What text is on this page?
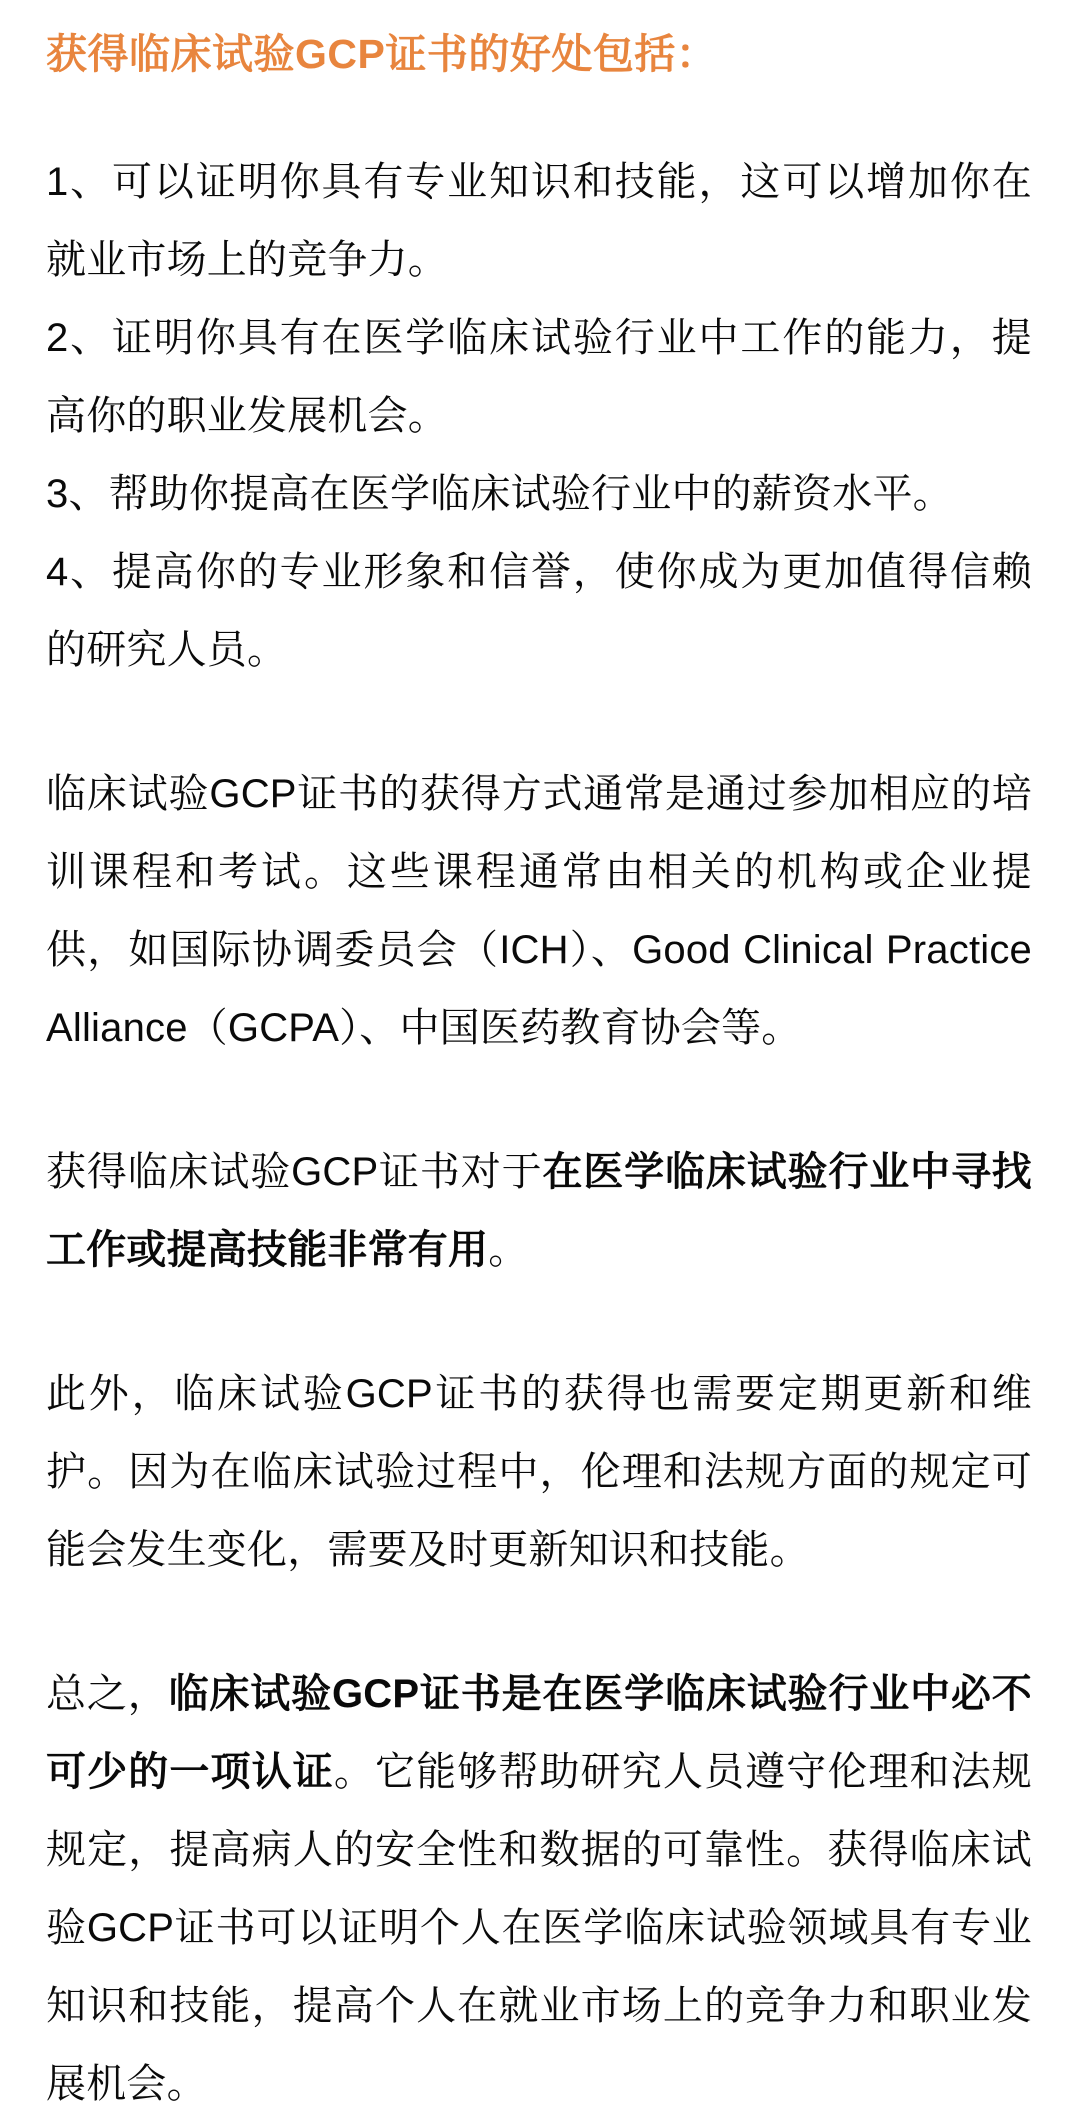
获得临床试验GCP证书的好处包括：

1、可以证明你具有专业知识和技能，这可以增加你在就业市场上的竞争力。

2、证明你具有在医学临床试验行业中工作的能力，提高你的职业发展机会。

3、帮助你提高在医学临床试验行业中的薪资水平。

4、提高你的专业形象和信誉，使你成为更加值得信赖的研究人员。

临床试验GCP证书的获得方式通常是通过参加相应的培训课程和考试。这些课程通常由相关的机构或企业提供，如国际协调委员会（ICH）、Good Clinical Practice Alliance（GCPA）、中国医药教育协会等。

获得临床试验GCP证书对于在医学临床试验行业中寻找工作或提高技能非常有用。

此外，临床试验GCP证书的获得也需要定期更新和维护。因为在临床试验过程中，伦理和法规方面的规定可能会发生变化，需要及时更新知识和技能。

总之，临床试验GCP证书是在医学临床试验行业中必不可少的一项认证。它能够帮助研究人员遵守伦理和法规规定，提高病人的安全性和数据的可靠性。获得临床试验GCP证书可以证明个人在医学临床试验领域具有专业知识和技能，提高个人在就业市场上的竞争力和职业发展机会。
